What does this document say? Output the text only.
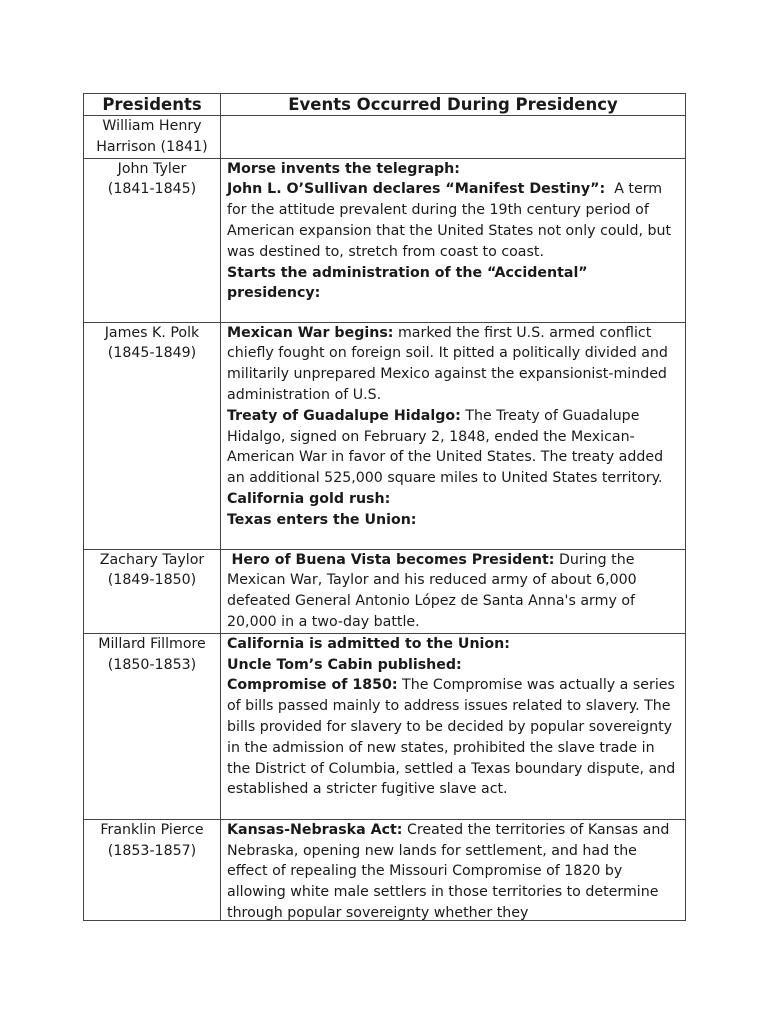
Presidents	Events Occurred During Presidency

William Henry Harrison (1841)	

John Tyler
(1841-1845)	Morse invents the telegraph:
John L. O’Sullivan declares “Manifest Destiny”: A term for the attitude prevalent during the 19th century period of American expansion that the United States not only could, but was destined to, stretch from coast to coast.
Starts the administration of the “Accidental” presidency:

James K. Polk
(1845-1849)	Mexican War begins: marked the first U.S. armed conflict chiefly fought on foreign soil. It pitted a politically divided and militarily unprepared Mexico against the expansionist-minded administration of U.S.
Treaty of Guadalupe Hidalgo: The Treaty of Guadalupe Hidalgo, signed on February 2, 1848, ended the Mexican-American War in favor of the United States. The treaty added an additional 525,000 square miles to United States territory.
California gold rush:
Texas enters the Union:

Zachary Taylor
(1849-1850)	Hero of Buena Vista becomes President: During the Mexican War, Taylor and his reduced army of about 6,000 defeated General Antonio López de Santa Anna's army of 20,000 in a two-day battle.

Millard Fillmore
(1850-1853)	California is admitted to the Union:
Uncle Tom’s Cabin published:
Compromise of 1850: The Compromise was actually a series of bills passed mainly to address issues related to slavery. The bills provided for slavery to be decided by popular sovereignty in the admission of new states, prohibited the slave trade in the District of Columbia, settled a Texas boundary dispute, and established a stricter fugitive slave act.

Franklin Pierce
(1853-1857)	Kansas-Nebraska Act: Created the territories of Kansas and Nebraska, opening new lands for settlement, and had the effect of repealing the Missouri Compromise of 1820 by allowing white male settlers in those territories to determine through popular sovereignty whether they
